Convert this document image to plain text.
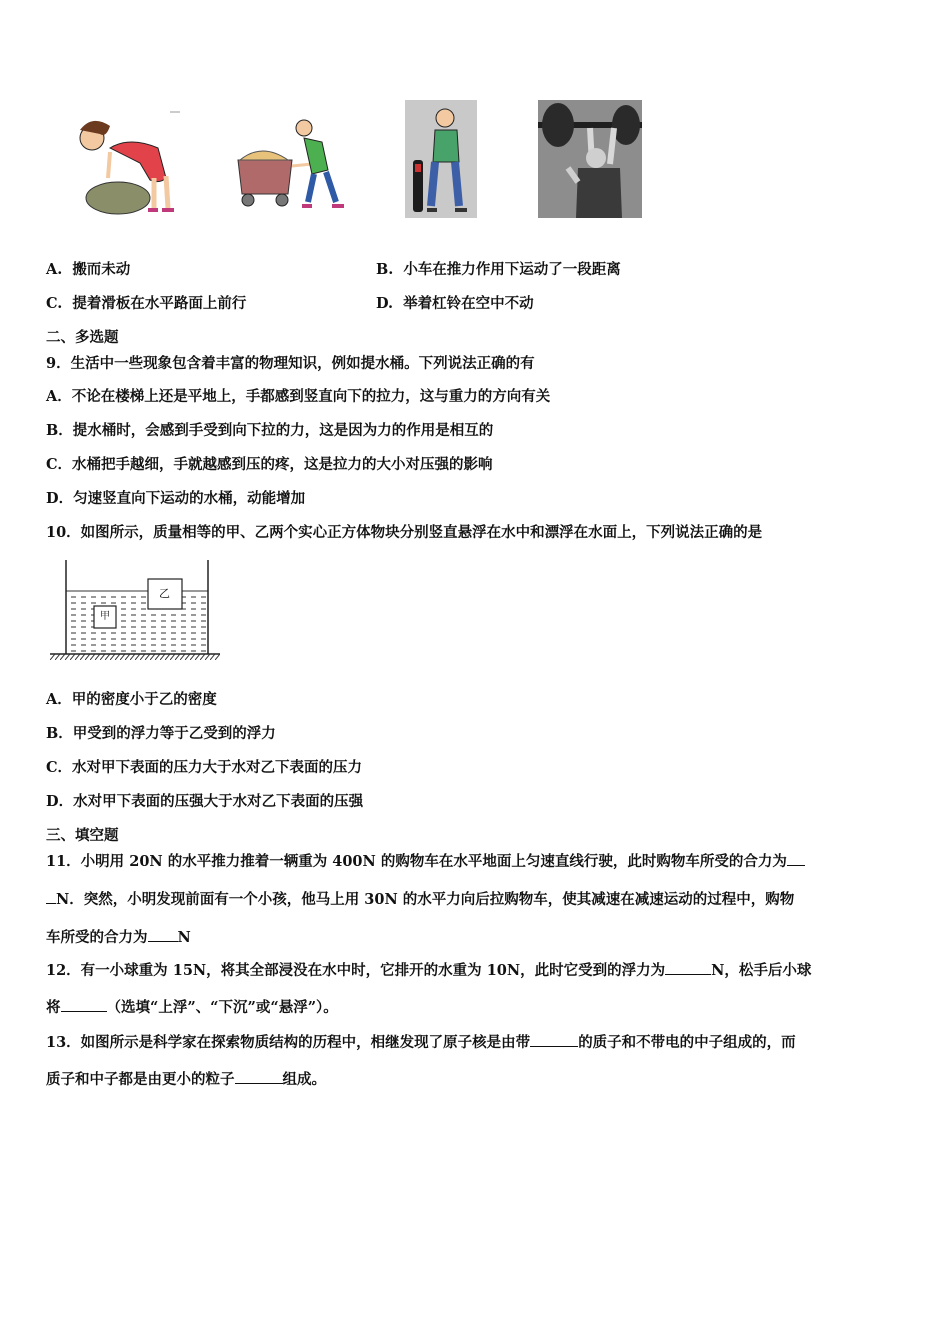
A. 搬而未动	B. 小车在推力作用下运动了一段距离
C. 提着滑板在水平路面上前行	D. 举着杠铃在空中不动
二、多选题
9．生活中一些现象包含着丰富的物理知识，例如提水桶。下列说法正确的有
A．不论在楼梯上还是平地上，手都感到竖直向下的拉力，这与重力的方向有关
B．提水桶时，会感到手受到向下拉的力，这是因为力的作用是相互的
C．水桶把手越细，手就越感到压的疼，这是拉力的大小对压强的影响
D．匀速竖直向下运动的水桶，动能增加
10．如图所示，质量相等的甲、乙两个实心正方体物块分别竖直悬浮在水中和漂浮在水面上，下列说法正确的是
甲
乙
A．甲的密度小于乙的密度
B．甲受到的浮力等于乙受到的浮力
C．水对甲下表面的压力大于水对乙下表面的压力
D．水对甲下表面的压强大于水对乙下表面的压强
三、填空题
11．小明用 20N 的水平推力推着一辆重为 400N 的购物车在水平地面上匀速直线行驶，此时购物车所受的合力为
N．突然，小明发现前面有一个小孩，他马上用 30N 的水平力向后拉购物车，使其减速在减速运动的过程中，购物
车所受的合力为 N
12．有一小球重为 15N，将其全部浸没在水中时，它排开的水重为 10N，此时它受到的浮力为	N，松手后小球
将	（选填“上浮”、“下沉”或“悬浮”）。
13．如图所示是科学家在探索物质结构的历程中，相继发现了原子核是由带	的质子和不带电的中子组成的，而
质子和中子都是由更小的粒子	组成。
